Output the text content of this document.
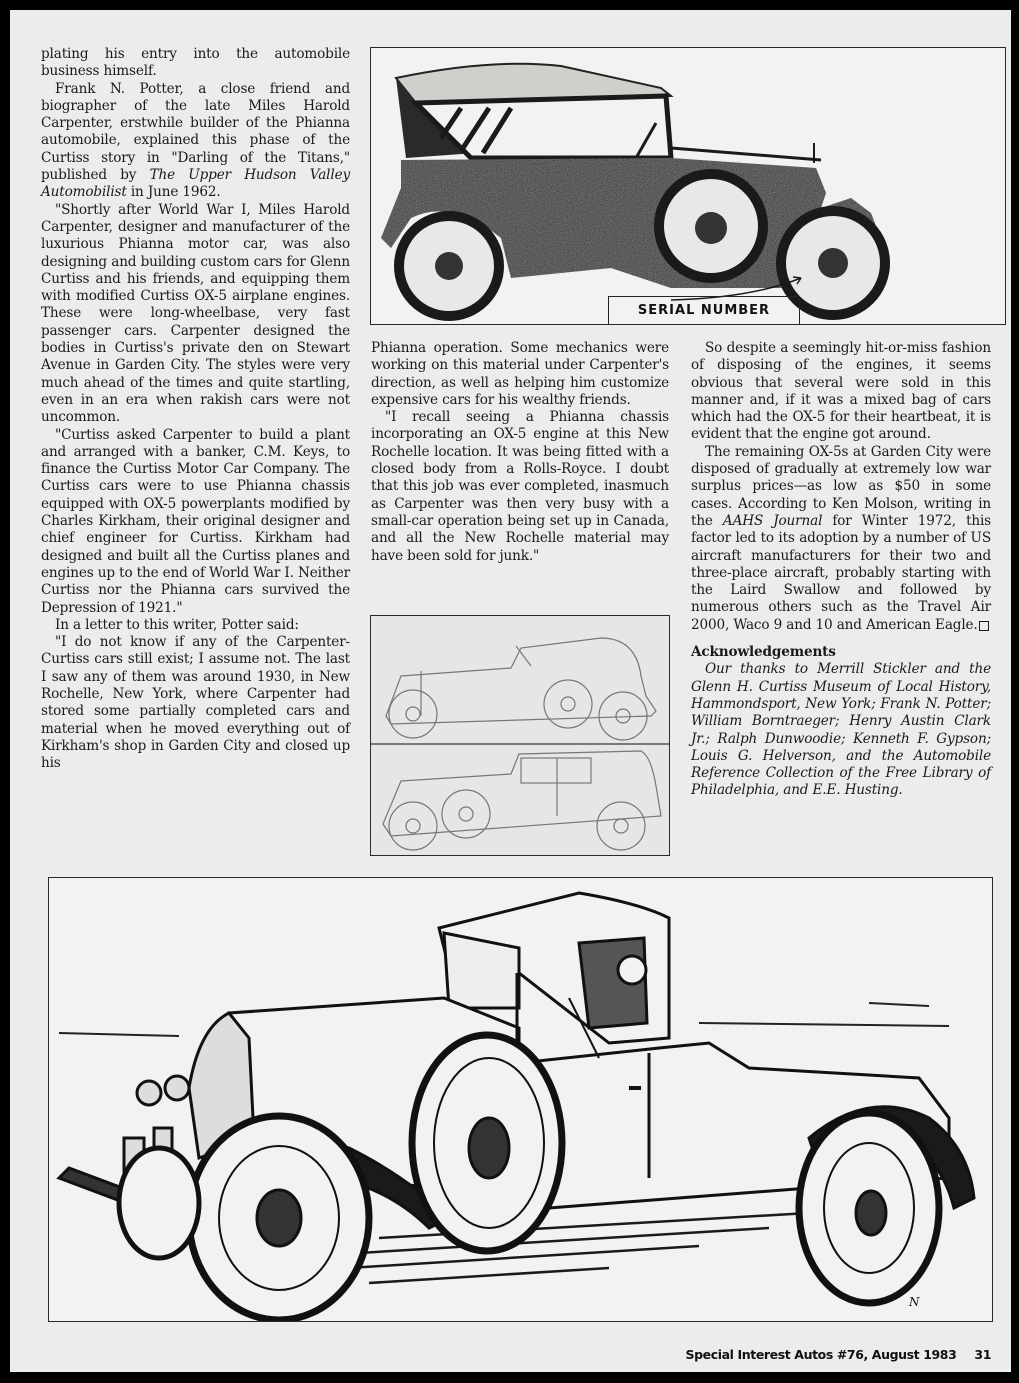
plating his entry into the automobile business himself.

Frank N. Potter, a close friend and biographer of the late Miles Harold Carpenter, erstwhile builder of the Phianna automobile, explained this phase of the Curtiss story in "Darling of the Titans," published by The Upper Hudson Valley Automobilist in June 1962.

"Shortly after World War I, Miles Harold Carpenter, designer and manufacturer of the luxurious Phianna motor car, was also designing and building custom cars for Glenn Curtiss and his friends, and equipping them with modified Curtiss OX-5 airplane engines. These were long-wheelbase, very fast passenger cars. Carpenter designed the bodies in Curtiss's private den on Stewart Avenue in Garden City. The styles were very much ahead of the times and quite startling, even in an era when rakish cars were not uncommon.

"Curtiss asked Carpenter to build a plant and arranged with a banker, C.M. Keys, to finance the Curtiss Motor Car Company. The Curtiss cars were to use Phianna chassis equipped with OX-5 powerplants modified by Charles Kirkham, their original designer and chief engineer for Curtiss. Kirkham had designed and built all the Curtiss planes and engines up to the end of World War I. Neither Curtiss nor the Phianna cars survived the Depression of 1921."

In a letter to this writer, Potter said:

"I do not know if any of the Carpenter-Curtiss cars still exist; I assume not. The last I saw any of them was around 1930, in New Rochelle, New York, where Carpenter had stored some partially completed cars and material when he moved everything out of Kirkham's shop in Garden City and closed up his

Phianna operation. Some mechanics were working on this material under Carpenter's direction, as well as helping him customize expensive cars for his wealthy friends.

"I recall seeing a Phianna chassis incorporating an OX-5 engine at this New Rochelle location. It was being fitted with a closed body from a Rolls-Royce. I doubt that this job was ever completed, inasmuch as Carpenter was then very busy with a small-car operation being set up in Canada, and all the New Rochelle material may have been sold for junk."

So despite a seemingly hit-or-miss fashion of disposing of the engines, it seems obvious that several were sold in this manner and, if it was a mixed bag of cars which had the OX-5 for their heartbeat, it is evident that the engine got around.

The remaining OX-5s at Garden City were disposed of gradually at extremely low war surplus prices—as low as $50 in some cases. According to Ken Molson, writing in the AAHS Journal for Winter 1972, this factor led to its adoption by a number of US aircraft manufacturers for their two and three-place aircraft, probably starting with the Laird Swallow and followed by numerous others such as the Travel Air 2000, Waco 9 and 10 and American Eagle.

Acknowledgements

Our thanks to Merrill Stickler and the Glenn H. Curtiss Museum of Local History, Hammondsport, New York; Frank N. Potter; William Borntraeger; Henry Austin Clark Jr.; Ralph Dunwoodie; Kenneth F. Gypson; Louis G. Helverson, and the Automobile Reference Collection of the Free Library of Philadelphia, and E.E. Husting.

SERIAL NUMBER
N
Special Interest Autos #76, August 1983 31
